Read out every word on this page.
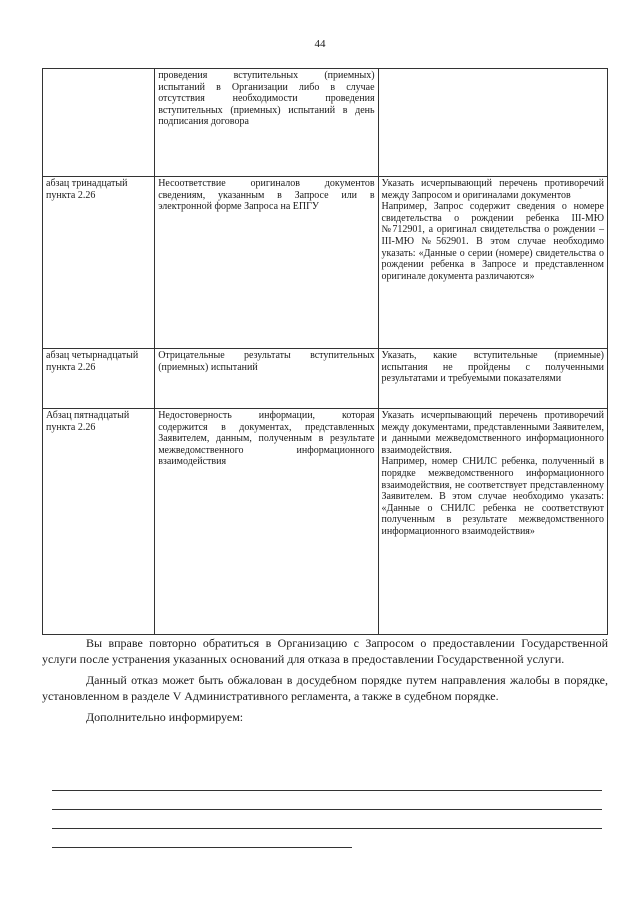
44
	проведения вступительных (приемных) испытаний в Организации либо в случае отсутствия необходимости проведения вступительных (приемных) испытаний в день подписания договора	
абзац тринадцатый пункта 2.26	Несоответствие оригиналов документов сведениям, указанным в Запросе или в электронной форме Запроса на ЕПГУ	Указать исчерпывающий перечень противоречий между Запросом и оригиналами документов
Например, Запрос содержит сведения о номере свидетельства о рождении ребенка III-МЮ №712901, а оригинал свидетельства о рождении – III-МЮ №562901. В этом случае необходимо указать: «Данные о серии (номере) свидетельства о рождении ребенка в Запросе и представленном оригинале документа различаются»

абзац четырнадцатый пункта 2.26	Отрицательные результаты вступительных (приемных) испытаний	Указать, какие вступительные (приемные) испытания не пройдены с полученными результатами и требуемыми показателями

Абзац пятнадцатый пункта 2.26	Недостоверность информации, которая содержится в документах, представленных Заявителем, данным, полученным в результате межведомственного информационного взаимодействия	Указать исчерпывающий перечень противоречий между документами, представленными Заявителем, и данными межведомственного информационного взаимодействия.
Например, номер СНИЛС ребенка, полученный в порядке межведомственного информационного взаимодействия, не соответствует представленному Заявителем. В этом случае необходимо указать: «Данные о СНИЛС ребенка не соответствуют полученным в результате межведомственного информационного взаимодействия»

Вы вправе повторно обратиться в Организацию с Запросом о предоставлении Государственной услуги после устранения указанных оснований для отказа в предоставлении Государственной услуги.

Данный отказ может быть обжалован в досудебном порядке путем направления жалобы в порядке, установленном в разделе V Административного регламента, а также в судебном порядке.

Дополнительно информируем:
